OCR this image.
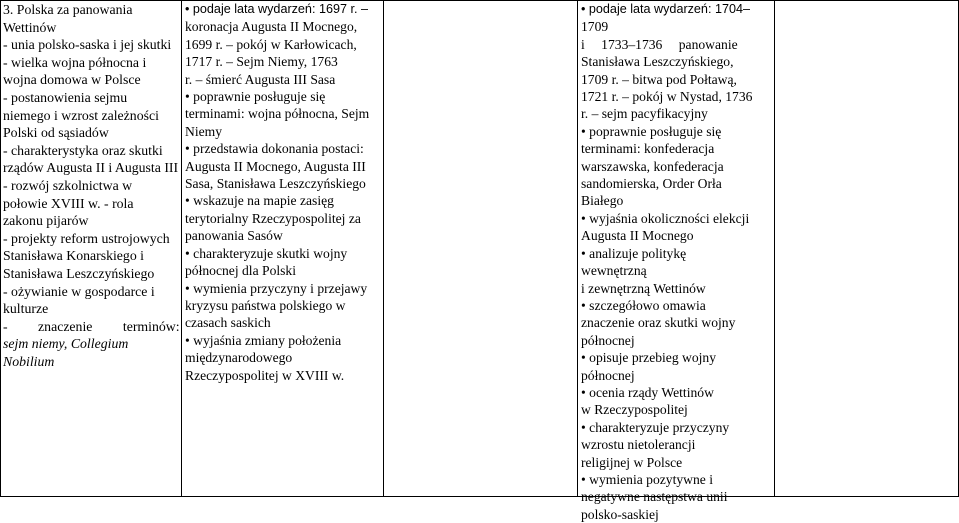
3. Polska za panowania
Wettinów
- unia polsko-saska i jej skutki
- wielka wojna północna i
wojna domowa w Polsce
- postanowienia sejmu
niemego i wzrost zależności
Polski od sąsiadów
- charakterystyka oraz skutki
rządów Augusta II i Augusta III
- rozwój szkolnictwa w
połowie XVIII w. - rola
zakonu pijarów
- projekty reform ustrojowych
Stanisława Konarskiego i
Stanisława Leszczyńskiego
- ożywianie w gospodarce i
kulturze
- znaczenie terminów:
sejm niemy, Collegium
Nobilium
• podaje lata wydarzeń: 1697 r. –
koronacja Augusta II Mocnego,
1699 r. – pokój w Karłowicach,
1717 r. – Sejm Niemy, 1763
r. – śmierć Augusta III Sasa
• poprawnie posługuje się
terminami: wojna północna, Sejm
Niemy
• przedstawia dokonania postaci:
Augusta II Mocnego, Augusta III
Sasa, Stanisława Leszczyńskiego
• wskazuje na mapie zasięg
terytorialny Rzeczypospolitej za
panowania Sasów
• charakteryzuje skutki wojny
północnej dla Polski
• wymienia przyczyny i przejawy
kryzysu państwa polskiego w
czasach saskich
• wyjaśnia zmiany położenia
międzynarodowego
Rzeczypospolitej w XVIII w.
• podaje lata wydarzeń: 1704–
1709
i 1733–1736 panowanie
Stanisława Leszczyńskiego,
1709 r. – bitwa pod Połtawą,
1721 r. – pokój w Nystad, 1736
r. – sejm pacyfikacyjny
• poprawnie posługuje się
terminami: konfederacja
warszawska, konfederacja
sandomierska, Order Orła
Białego
• wyjaśnia okoliczności elekcji
Augusta II Mocnego
• analizuje politykę
wewnętrzną
i zewnętrzną Wettinów
• szczegółowo omawia
znaczenie oraz skutki wojny
północnej
• opisuje przebieg wojny
północnej
• ocenia rządy Wettinów
w Rzeczypospolitej
• charakteryzuje przyczyny
wzrostu nietolerancji
religijnej w Polsce
• wymienia pozytywne i
negatywne następstwa unii
polsko-saskiej
